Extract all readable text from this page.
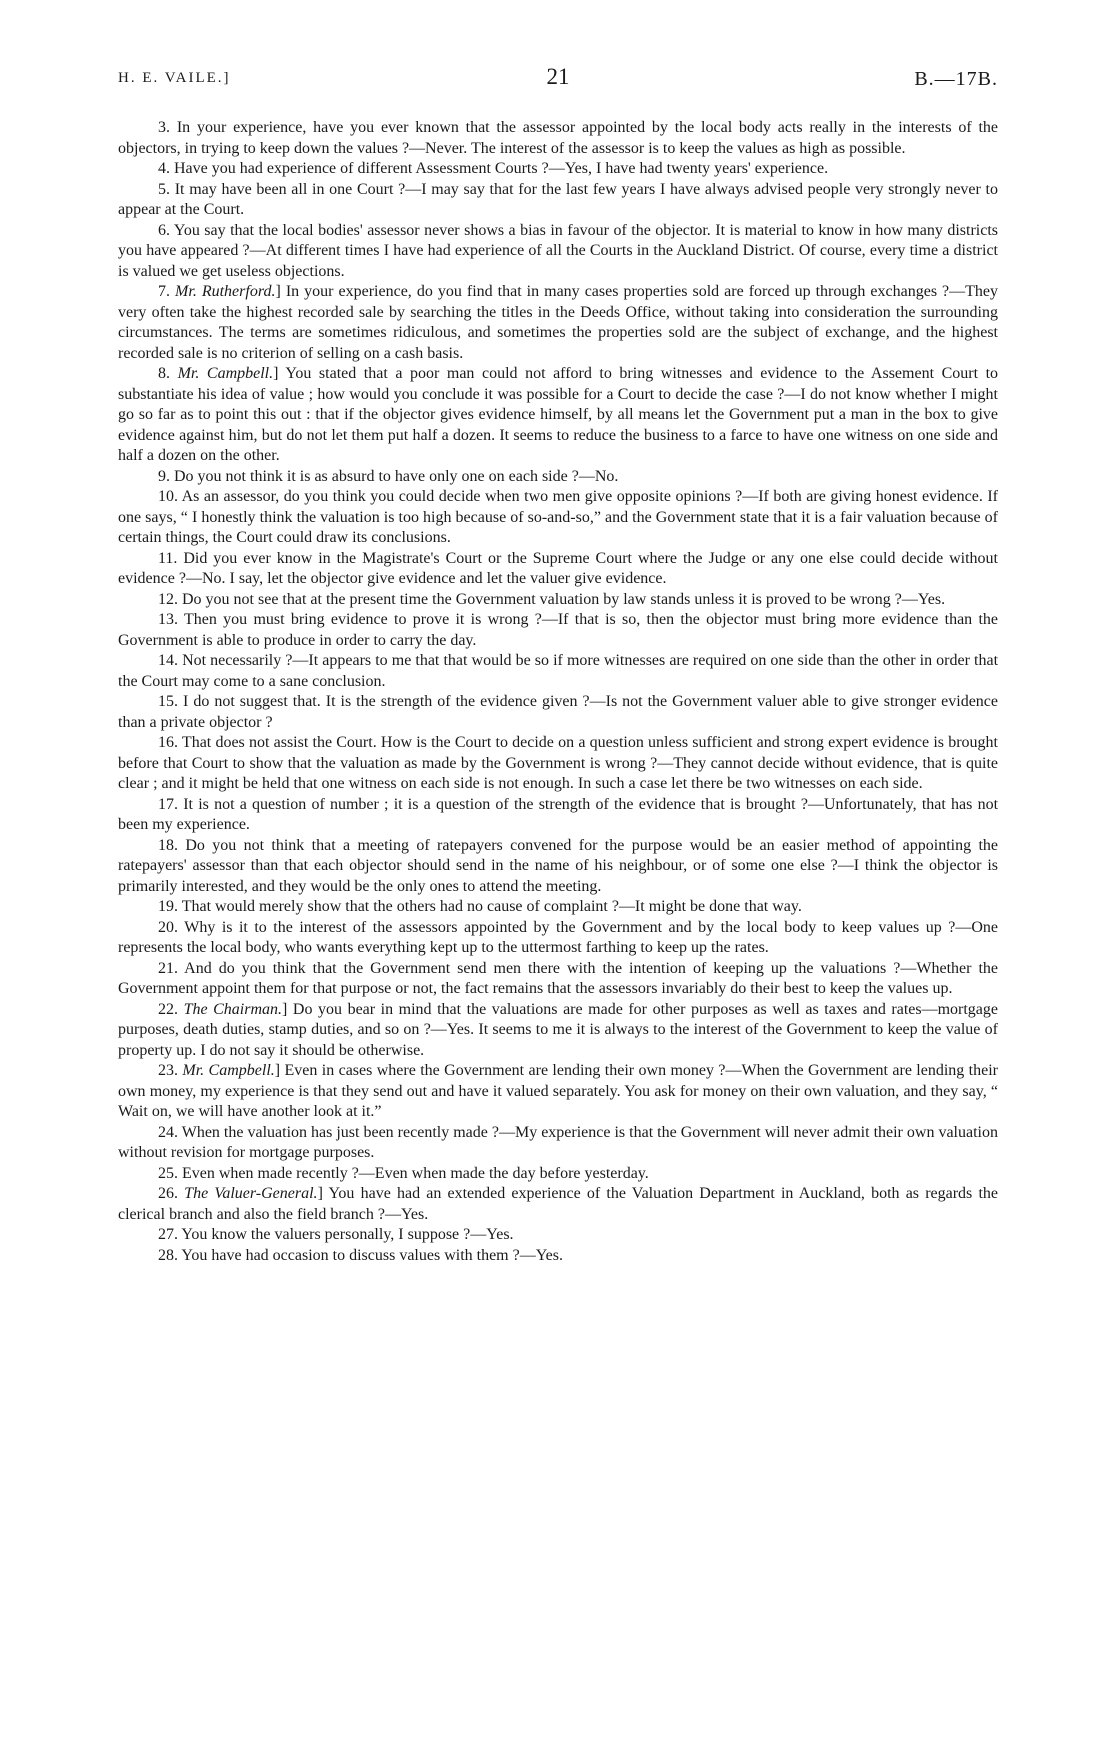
H. E. VAILE.]	21	B.—17B.

3. In your experience, have you ever known that the assessor appointed by the local body acts really in the interests of the objectors, in trying to keep down the values ?—Never. The interest of the assessor is to keep the values as high as possible.

4. Have you had experience of different Assessment Courts ?—Yes, I have had twenty years' experience.

5. It may have been all in one Court ?—I may say that for the last few years I have always advised people very strongly never to appear at the Court.

6. You say that the local bodies' assessor never shows a bias in favour of the objector. It is material to know in how many districts you have appeared ?—At different times I have had experience of all the Courts in the Auckland District. Of course, every time a district is valued we get useless objections.

7. Mr. Rutherford.] In your experience, do you find that in many cases properties sold are forced up through exchanges ?—They very often take the highest recorded sale by searching the titles in the Deeds Office, without taking into consideration the surrounding circumstances. The terms are sometimes ridiculous, and sometimes the properties sold are the subject of exchange, and the highest recorded sale is no criterion of selling on a cash basis.

8. Mr. Campbell.] You stated that a poor man could not afford to bring witnesses and evidence to the Assement Court to substantiate his idea of value ; how would you conclude it was possible for a Court to decide the case ?—I do not know whether I might go so far as to point this out : that if the objector gives evidence himself, by all means let the Government put a man in the box to give evidence against him, but do not let them put half a dozen. It seems to reduce the business to a farce to have one witness on one side and half a dozen on the other.

9. Do you not think it is as absurd to have only one on each side ?—No.

10. As an assessor, do you think you could decide when two men give opposite opinions ?—If both are giving honest evidence. If one says, “ I honestly think the valuation is too high because of so-and-so,” and the Government state that it is a fair valuation because of certain things, the Court could draw its conclusions.

11. Did you ever know in the Magistrate's Court or the Supreme Court where the Judge or any one else could decide without evidence ?—No. I say, let the objector give evidence and let the valuer give evidence.

12. Do you not see that at the present time the Government valuation by law stands unless it is proved to be wrong ?—Yes.

13. Then you must bring evidence to prove it is wrong ?—If that is so, then the objector must bring more evidence than the Government is able to produce in order to carry the day.

14. Not necessarily ?—It appears to me that that would be so if more witnesses are required on one side than the other in order that the Court may come to a sane conclusion.

15. I do not suggest that. It is the strength of the evidence given ?—Is not the Government valuer able to give stronger evidence than a private objector ?

16. That does not assist the Court. How is the Court to decide on a question unless sufficient and strong expert evidence is brought before that Court to show that the valuation as made by the Government is wrong ?—They cannot decide without evidence, that is quite clear ; and it might be held that one witness on each side is not enough. In such a case let there be two witnesses on each side.

17. It is not a question of number ; it is a question of the strength of the evidence that is brought ?—Unfortunately, that has not been my experience.

18. Do you not think that a meeting of ratepayers convened for the purpose would be an easier method of appointing the ratepayers' assessor than that each objector should send in the name of his neighbour, or of some one else ?—I think the objector is primarily interested, and they would be the only ones to attend the meeting.

19. That would merely show that the others had no cause of complaint ?—It might be done that way.

20. Why is it to the interest of the assessors appointed by the Government and by the local body to keep values up ?—One represents the local body, who wants everything kept up to the uttermost farthing to keep up the rates.

21. And do you think that the Government send men there with the intention of keeping up the valuations ?—Whether the Government appoint them for that purpose or not, the fact remains that the assessors invariably do their best to keep the values up.

22. The Chairman.] Do you bear in mind that the valuations are made for other purposes as well as taxes and rates—mortgage purposes, death duties, stamp duties, and so on ?—Yes. It seems to me it is always to the interest of the Government to keep the value of property up. I do not say it should be otherwise.

23. Mr. Campbell.] Even in cases where the Government are lending their own money ?—When the Government are lending their own money, my experience is that they send out and have it valued separately. You ask for money on their own valuation, and they say, “ Wait on, we will have another look at it.”

24. When the valuation has just been recently made ?—My experience is that the Government will never admit their own valuation without revision for mortgage purposes.

25. Even when made recently ?—Even when made the day before yesterday.

26. The Valuer-General.] You have had an extended experience of the Valuation Department in Auckland, both as regards the clerical branch and also the field branch ?—Yes.

27. You know the valuers personally, I suppose ?—Yes.

28. You have had occasion to discuss values with them ?—Yes.
